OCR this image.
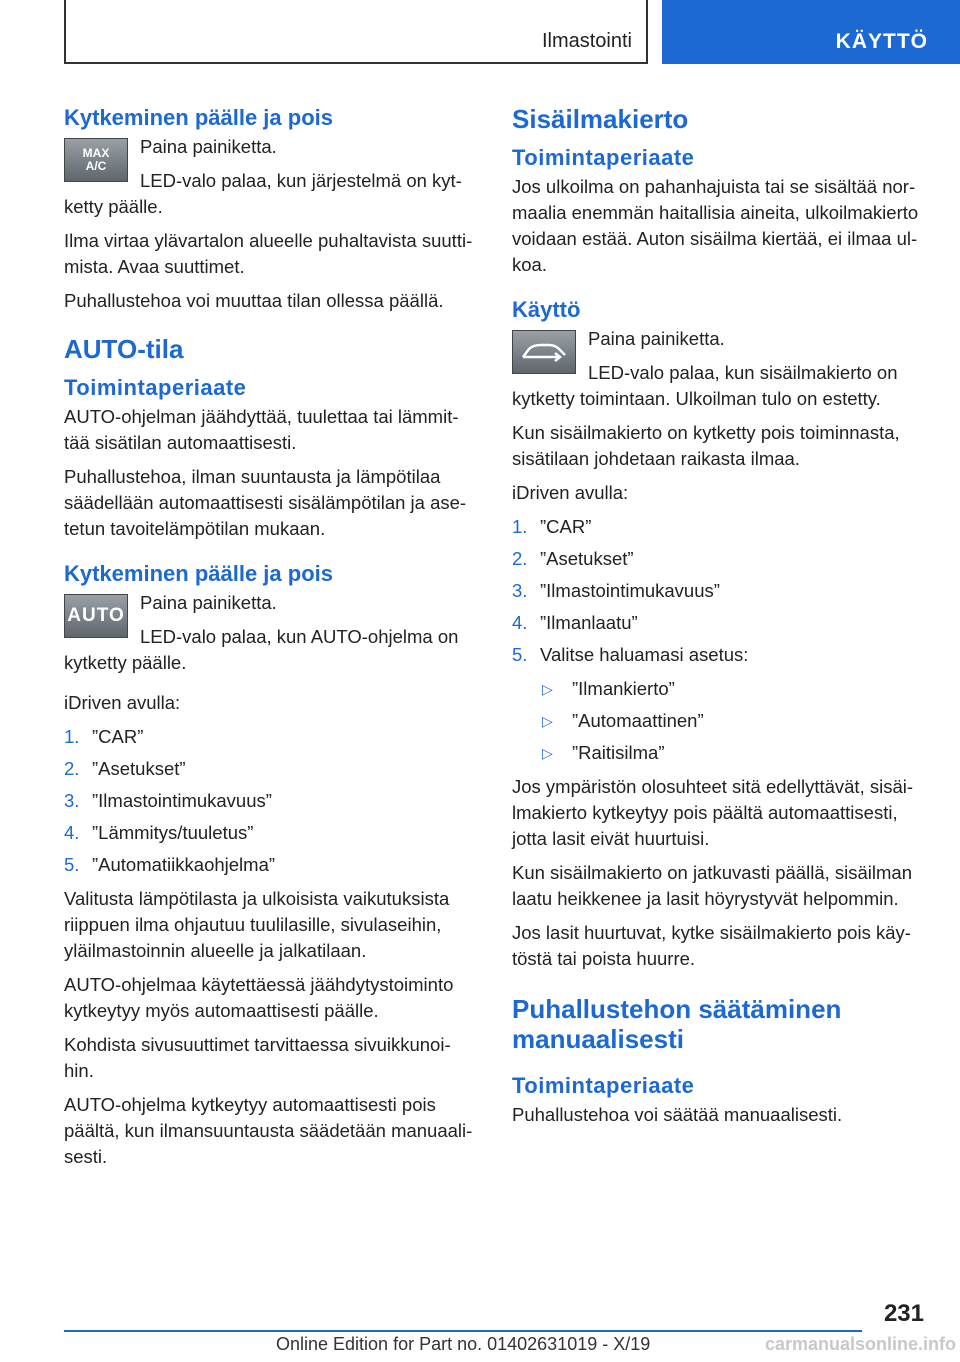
Ilmastointi	KÄYTTÖ
Kytkeminen päälle ja pois
MAX
A/C

Paina painiketta.

LED-valo palaa, kun järjestelmä on kyt-ketty päälle.

Ilma virtaa ylävartalon alueelle puhaltavista suutti-mista. Avaa suuttimet.

Puhallustehoa voi muuttaa tilan ollessa päällä.

AUTO-tila
Toimintaperiaate

AUTO-ohjelman jäähdyttää, tuulettaa tai lämmit-tää sisätilan automaattisesti.

Puhallustehoa, ilman suuntausta ja lämpötilaa säädellään automaattisesti sisälämpötilan ja ase-tetun tavoitelämpötilan mukaan.

Kytkeminen päälle ja pois
AUTO

Paina painiketta.

LED-valo palaa, kun AUTO-ohjelma on kytketty päälle.

iDriven avulla:

1. ”CAR”
2. ”Asetukset”
3. ”Ilmastointimukavuus”
4. ”Lämmitys/tuuletus”
5. ”Automatiikkaohjelma”

Valitusta lämpötilasta ja ulkoisista vaikutuksista riippuen ilma ohjautuu tuulilasille, sivulaseihin, yläilmastoinnin alueelle ja jalkatilaan.

AUTO-ohjelmaa käytettäessä jäähdytystoiminto kytkeytyy myös automaattisesti päälle.

Kohdista sivusuuttimet tarvittaessa sivuikkunoi-hin.

AUTO-ohjelma kytkeytyy automaattisesti pois päältä, kun ilmansuuntausta säädetään manuaali-sesti.

Sisäilmakierto
Toimintaperiaate

Jos ulkoilma on pahanhajuista tai se sisältää nor-maalia enemmän haitallisia aineita, ulkoilmakierto voidaan estää. Auton sisäilma kiertää, ei ilmaa ul-koa.

Käyttö

Paina painiketta.

LED-valo palaa, kun sisäilmakierto on kytketty toimintaan. Ulkoilman tulo on estetty.

Kun sisäilmakierto on kytketty pois toiminnasta, sisätilaan johdetaan raikasta ilmaa.

iDriven avulla:

1. ”CAR”
2. ”Asetukset”
3. ”Ilmastointimukavuus”
4. ”Ilmanlaatu”
5. Valitse haluamasi asetus:
▷	”Ilmankierto”
▷	”Automaattinen”
▷	”Raitisilma”

Jos ympäristön olosuhteet sitä edellyttävät, sisäi-lmakierto kytkeytyy pois päältä automaattisesti, jotta lasit eivät huurtuisi.

Kun sisäilmakierto on jatkuvasti päällä, sisäilman laatu heikkenee ja lasit höyrystyvät helpommin.

Jos lasit huurtuvat, kytke sisäilmakierto pois käy-töstä tai poista huurre.

Puhallustehon säätäminen manuaalisesti
Toimintaperiaate

Puhallustehoa voi säätää manuaalisesti.

231
Online Edition for Part no. 01402631019 - X/19	carmanualsonline.info
